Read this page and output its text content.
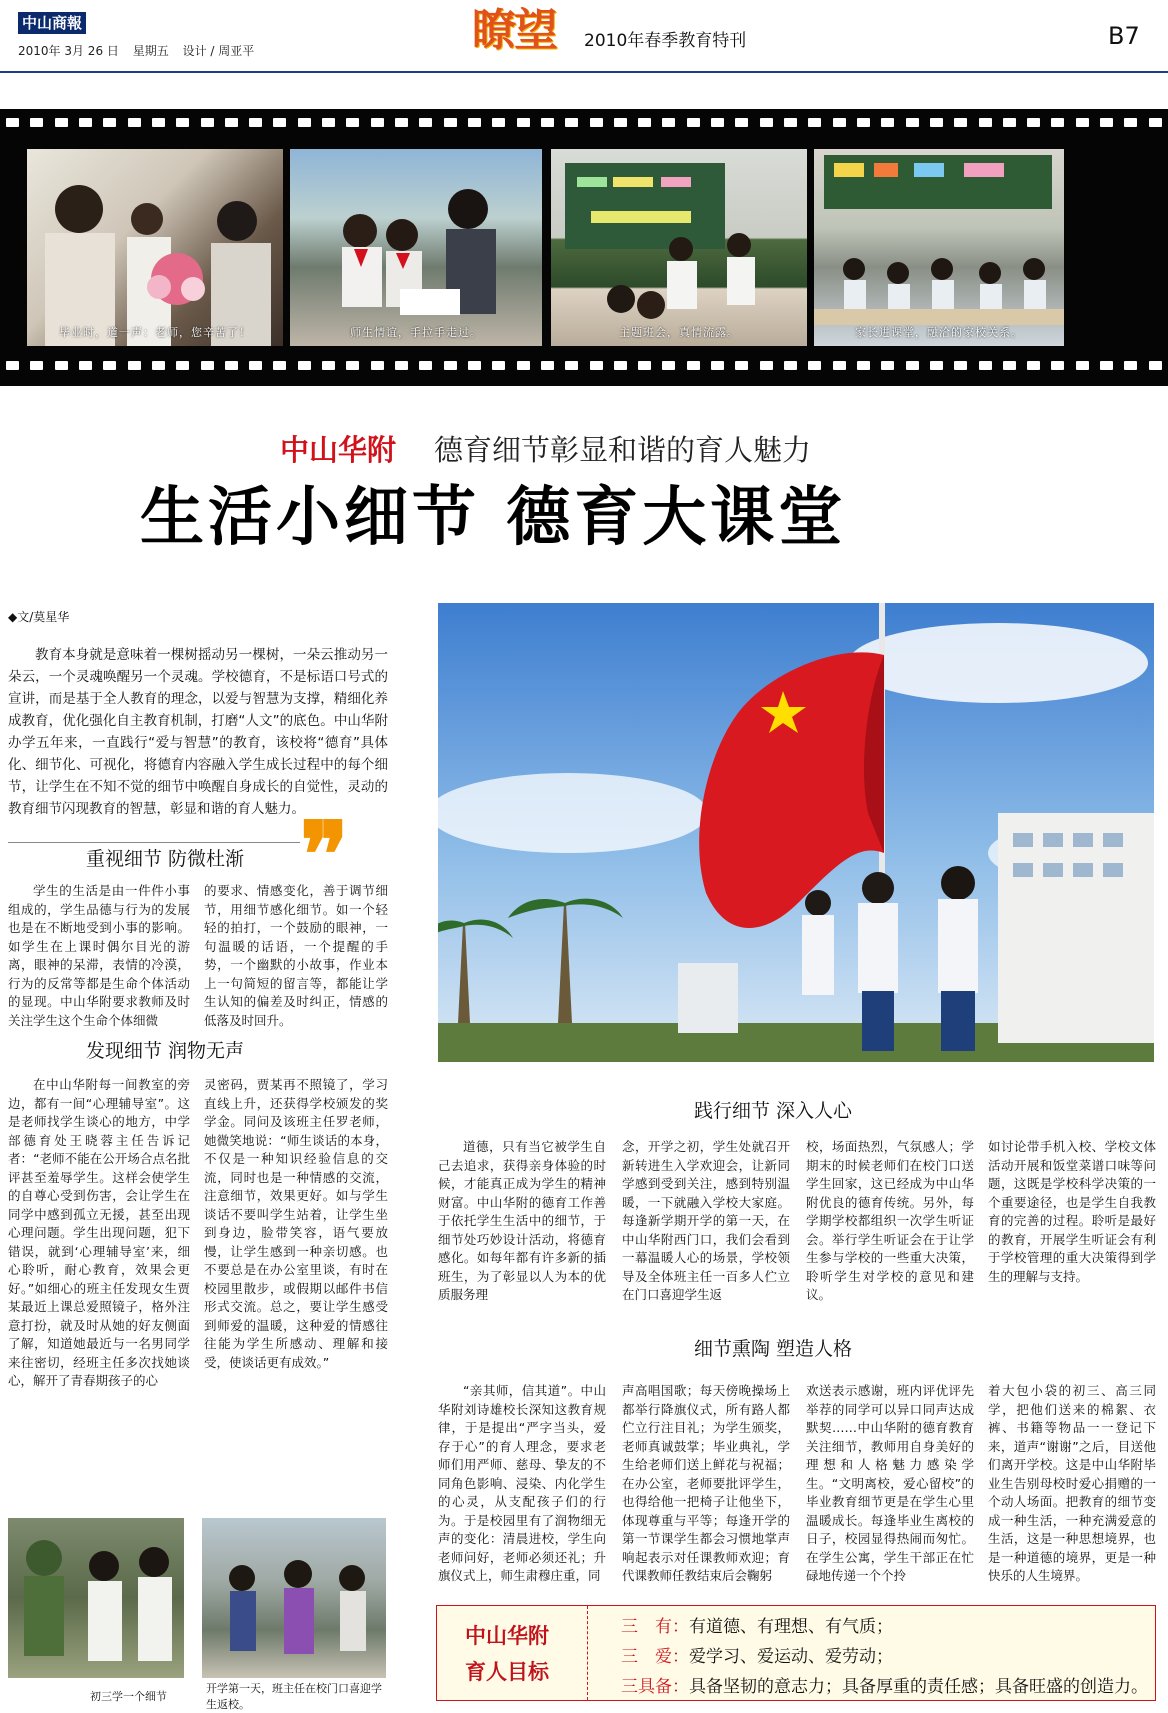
中山商報
2010年 3月 26 日 星期五 设计 / 周亚平	瞭望 2010年春季教育特刊	B7
毕业时，道一声：老师，您辛苦了！	师生情谊，手拉手走过。	主题班会，真情流露。	家长进课堂，融洽的家校关系。
中山华附 德育细节彰显和谐的育人魅力
生活小细节 德育大课堂
◆文/莫星华
教育本身就是意味着一棵树摇动另一棵树，一朵云推动另一朵云，一个灵魂唤醒另一个灵魂。学校德育，不是标语口号式的宣讲，而是基于全人教育的理念，以爱与智慧为支撑，精细化养成教育，优化强化自主教育机制，打磨“人文”的底色。中山华附办学五年来，一直践行“爱与智慧”的教育，该校将“德育”具体化、细节化、可视化，将德育内容融入学生成长过程中的每个细节，让学生在不知不觉的细节中唤醒自身成长的自觉性，灵动的教育细节闪现教育的智慧，彰显和谐的育人魅力。
❞
重视细节 防微杜渐

学生的生活是由一件件小事组成的，学生品德与行为的发展也是在不断地受到小事的影响。如学生在上课时偶尔目光的游离，眼神的呆滞，表情的冷漠，行为的反常等都是生命个体活动的显现。中山华附要求教师及时关注学生这个生命个体细微

的要求、情感变化，善于调节细节，用细节感化细节。如一个轻轻的拍打，一个鼓励的眼神，一句温暖的话语，一个提醒的手势，一个幽默的小故事，作业本上一句简短的留言等，都能让学生认知的偏差及时纠正，情感的低落及时回升。

发现细节 润物无声

在中山华附每一间教室的旁边，都有一间“心理辅导室”。这是老师找学生谈心的地方，中学部德育处王晓蓉主任告诉记者：“老师不能在公开场合点名批评甚至羞辱学生。这样会使学生的自尊心受到伤害，会让学生在同学中感到孤立无援，甚至出现心理问题。学生出现问题，犯下错误，就到‘心理辅导室’来，细心聆听，耐心教育，效果会更好。”如细心的班主任发现女生贾某最近上课总爱照镜子，格外注意打扮，就及时从她的好友侧面了解，知道她最近与一名男同学来往密切，经班主任多次找她谈心，解开了青春期孩子的心

灵密码，贾某再不照镜了，学习直线上升，还获得学校颁发的奖学金。同问及该班主任罗老师，她微笑地说：“师生谈话的本身，不仅是一种知识经验信息的交流，同时也是一种情感的交流，注意细节，效果更好。如与学生谈话不要叫学生站着，让学生坐到身边，脸带笑容，语气要放慢，让学生感到一种亲切感。也不要总是在办公室里谈，有时在校园里散步，或假期以邮件书信形式交流。总之，要让学生感受到师爱的温暖，这种爱的情感往往能为学生所感动、理解和接受，使谈话更有成效。”

践行细节 深入人心

道德，只有当它被学生自己去追求，获得亲身体验的时候，才能真正成为学生的精神财富。中山华附的德育工作善于依托学生生活中的细节，于细节处巧妙设计活动，将德育感化。如每年都有许多新的插班生，为了彰显以人为本的优质服务理

念，开学之初，学生处就召开新转进生入学欢迎会，让新同学感到受到关注，感到特别温暖，一下就融入学校大家庭。每逢新学期开学的第一天，在中山华附西门口，我们会看到一幕温暖人心的场景，学校领导及全体班主任一百多人伫立在门口喜迎学生返

校，场面热烈，气氛感人；学期末的时候老师们在校门口送学生回家，这已经成为中山华附优良的德育传统。另外，每学期学校都组织一次学生听证会。举行学生听证会在于让学生参与学校的一些重大决策，聆听学生对学校的意见和建议。

如讨论带手机入校、学校文体活动开展和饭堂菜谱口味等问题，这既是学校科学决策的一个重要途径，也是学生自我教育的完善的过程。聆听是最好的教育，开展学生听证会有利于学校管理的重大决策得到学生的理解与支持。

细节熏陶 塑造人格

“亲其师，信其道”。中山华附刘诗雄校长深知这教育规律，于是提出“严字当头，爱存于心”的育人理念，要求老师们用严师、慈母、挚友的不同角色影响、浸染、内化学生的心灵，从支配孩子们的行为。于是校园里有了润物细无声的变化：清晨进校，学生向老师问好，老师必须还礼；升旗仪式上，师生肃穆庄重，同

声高唱国歌；每天傍晚操场上都举行降旗仪式，所有路人都伫立行注目礼；为学生颁奖，老师真诚鼓掌；毕业典礼，学生给老师们送上鲜花与祝福；在办公室，老师要批评学生，也得给他一把椅子让他坐下，体现尊重与平等；每逢开学的第一节课学生都会习惯地掌声响起表示对任课教师欢迎；育代课教师任教结束后会鞠躬

欢送表示感谢，班内评优评先举荐的同学可以异口同声达成默契……中山华附的德育教育关注细节，教师用自身美好的理想和人格魅力感染学生。“文明离校，爱心留校”的毕业教育细节更是在学生心里温暖成长。每逢毕业生离校的日子，校园显得热闹而匆忙。在学生公寓，学生干部正在忙碌地传递一个个拎

着大包小袋的初三、高三同学，把他们送来的棉絮、衣裤、书籍等物品一一登记下来，道声“谢谢”之后，目送他们离开学校。这是中山华附毕业生告别母校时爱心捐赠的一个动人场面。把教育的细节变成一种生活，一种充满爱意的生活，这是一种思想境界，也是一种道德的境界，更是一种快乐的人生境界。

初三学一个细节
开学第一天，班主任在校门口喜迎学生返校。
中山华附
育人目标
三　有：有道德、有理想、有气质；
三　爱：爱学习、爱运动、爱劳动；
三具备：具备坚韧的意志力；具备厚重的责任感；具备旺盛的创造力。
